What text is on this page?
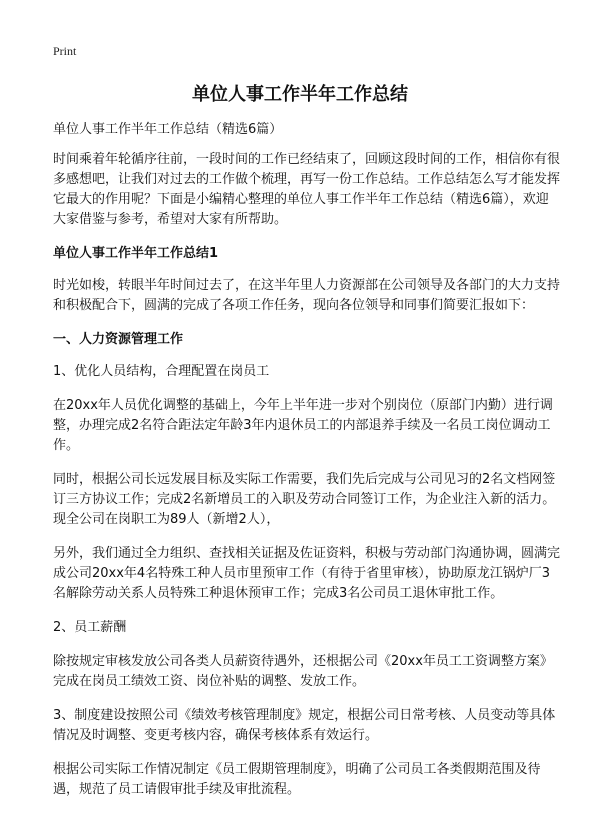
Print
单位人事工作半年工作总结

单位人事工作半年工作总结（精选6篇）

时间乘着年轮循序往前，一段时间的工作已经结束了，回顾这段时间的工作，相信你有很多感想吧，让我们对过去的工作做个梳理，再写一份工作总结。工作总结怎么写才能发挥它最大的作用呢？下面是小编精心整理的单位人事工作半年工作总结（精选6篇），欢迎大家借鉴与参考，希望对大家有所帮助。

单位人事工作半年工作总结1

时光如梭，转眼半年时间过去了，在这半年里人力资源部在公司领导及各部门的大力支持和积极配合下，圆满的完成了各项工作任务，现向各位领导和同事们简要汇报如下：

一、人力资源管理工作

1、优化人员结构，合理配置在岗员工

在20xx年人员优化调整的基础上，今年上半年进一步对个别岗位（原部门内勤）进行调整，办理完成2名符合距法定年龄3年内退休员工的内部退养手续及一名员工岗位调动工作。

同时，根据公司长远发展目标及实际工作需要，我们先后完成与公司见习的2名文档网签订三方协议工作；完成2名新增员工的入职及劳动合同签订工作，为企业注入新的活力。现全公司在岗职工为89人（新增2人），

另外，我们通过全力组织、查找相关证据及佐证资料，积极与劳动部门沟通协调，圆满完成公司20xx年4名特殊工种人员市里预审工作（有待于省里审核），协助原龙江锅炉厂3名解除劳动关系人员特殊工种退休预审工作；完成3名公司员工退休审批工作。

2、员工薪酬

除按规定审核发放公司各类人员薪资待遇外，还根据公司《20xx年员工工资调整方案》完成在岗员工绩效工资、岗位补贴的调整、发放工作。

3、制度建设按照公司《绩效考核管理制度》规定，根据公司日常考核、人员变动等具体情况及时调整、变更考核内容，确保考核体系有效运行。

根据公司实际工作情况制定《员工假期管理制度》，明确了公司员工各类假期范围及待遇，规范了员工请假审批手续及审批流程。
